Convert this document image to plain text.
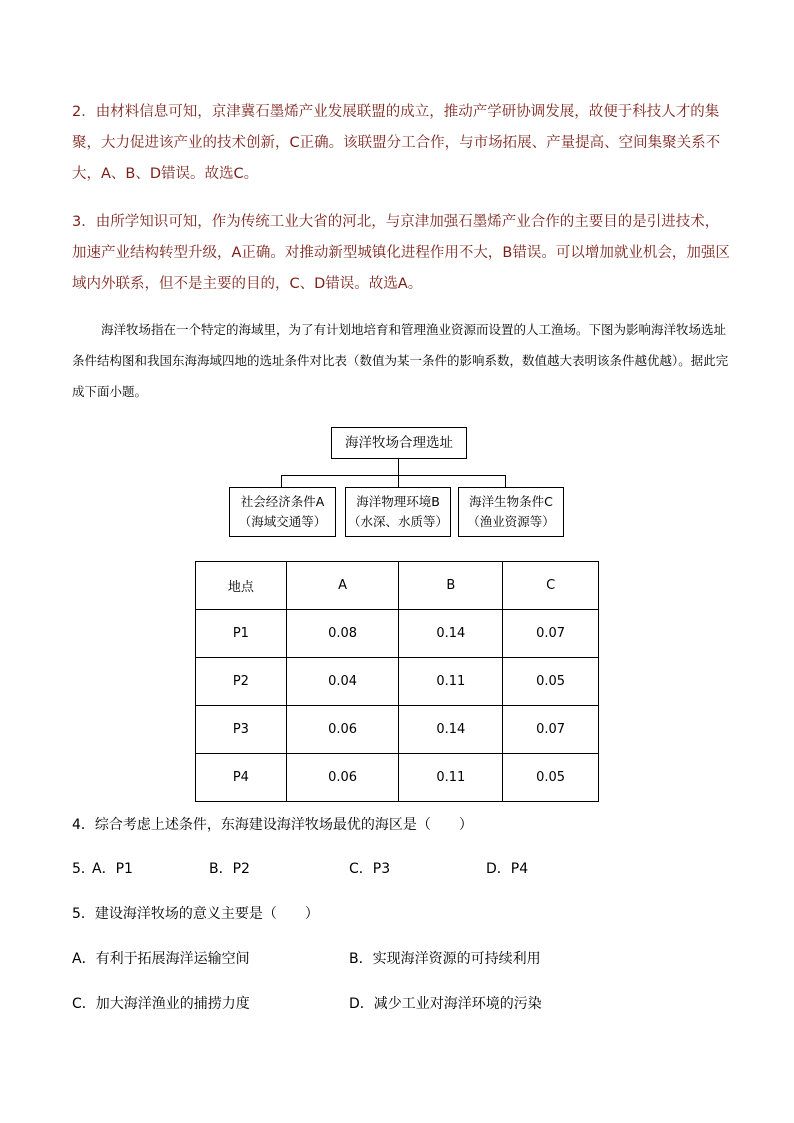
2．由材料信息可知，京津冀石墨烯产业发展联盟的成立，推动产学研协调发展，故便于科技人才的集聚，大力促进该产业的技术创新，C正确。该联盟分工合作，与市场拓展、产量提高、空间集聚关系不大，A、B、D错误。故选C。

3．由所学知识可知，作为传统工业大省的河北，与京津加强石墨烯产业合作的主要目的是引进技术，加速产业结构转型升级，A正确。对推动新型城镇化进程作用不大，B错误。可以增加就业机会，加强区域内外联系，但不是主要的目的，C、D错误。故选A。

海洋牧场指在一个特定的海域里，为了有计划地培育和管理渔业资源而设置的人工渔场。下图为影响海洋牧场选址条件结构图和我国东海海域四地的选址条件对比表（数值为某一条件的影响系数，数值越大表明该条件越优越）。据此完成下面小题。

海洋牧场合理选址
社会经济条件A
（海域交通等）
海洋物理环境B
（水深、水质等）
海洋生物条件C
（渔业资源等）
地点	A	B	C
P1	0.08	0.14	0.07
P2	0.04	0.11	0.05
P3	0.06	0.14	0.07
P4	0.06	0.11	0.05

4．综合考虑上述条件，东海建设海洋牧场最优的海区是（　　）

5．
A．P1	B．P2	C．P3	D．P4

5．建设海洋牧场的意义主要是（　　）

A．有利于拓展海洋运输空间	B．实现海洋资源的可持续利用
C．加大海洋渔业的捕捞力度	D．减少工业对海洋环境的污染
